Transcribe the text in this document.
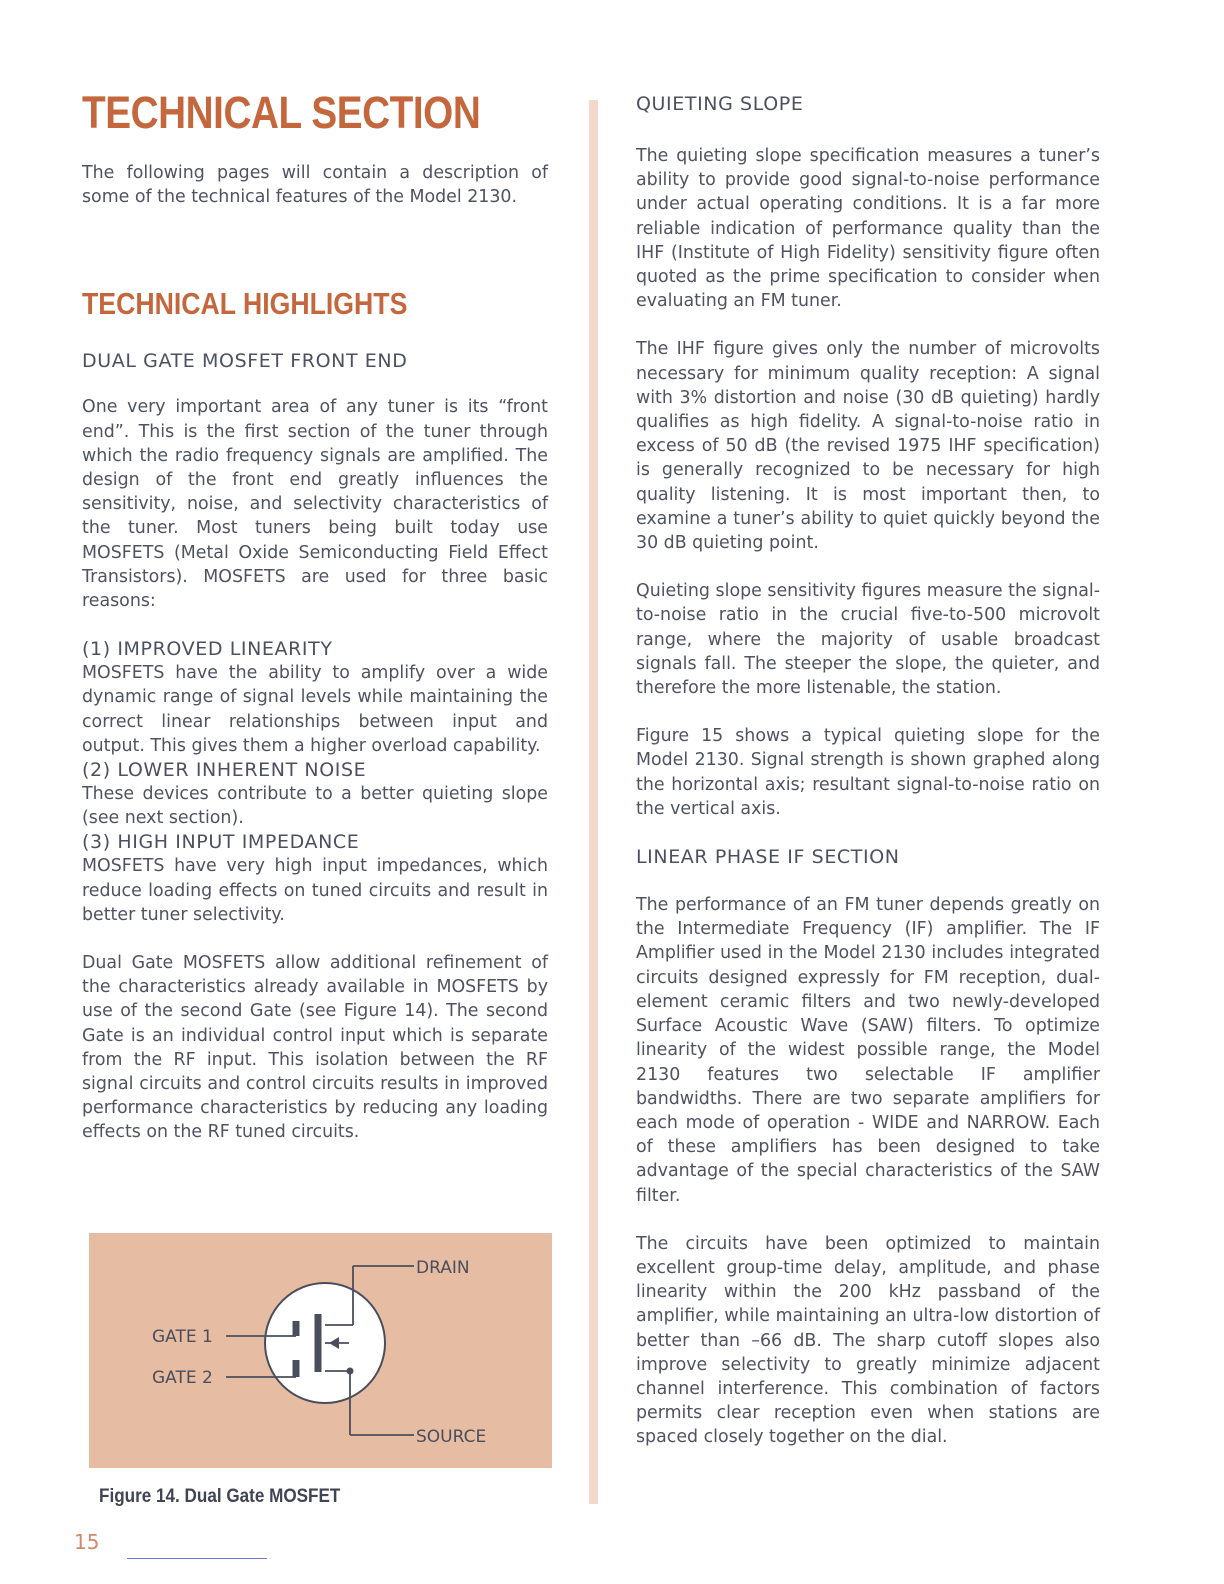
TECHNICAL SECTION

The following pages will contain a description of some of the technical features of the Model 2130.

TECHNICAL HIGHLIGHTS

DUAL GATE MOSFET FRONT END

One very important area of any tuner is its “front end”. This is the first section of the tuner through which the radio frequency signals are amplified. The design of the front end greatly influences the sensitivity, noise, and selectivity characteristics of the tuner. Most tuners being built today use MOSFETS (Metal Oxide Semiconducting Field Effect Transistors). MOSFETS are used for three basic reasons:

(1) IMPROVED LINEARITY

MOSFETS have the ability to amplify over a wide dynamic range of signal levels while maintaining the correct linear relationships between input and output. This gives them a higher overload capability.

(2) LOWER INHERENT NOISE

These devices contribute to a better quieting slope (see next section).

(3) HIGH INPUT IMPEDANCE

MOSFETS have very high input impedances, which reduce loading effects on tuned circuits and result in better tuner selectivity.

Dual Gate MOSFETS allow additional refinement of the characteristics already available in MOSFETS by use of the second Gate (see Figure 14). The second Gate is an individual control input which is separate from the RF input. This isolation between the RF signal circuits and control circuits results in improved performance characteristics by reducing any loading effects on the RF tuned circuits.

DRAIN
GATE 1
GATE 2
SOURCE
Figure 14. Dual Gate MOSFET

QUIETING SLOPE

The quieting slope specification measures a tuner’s ability to provide good signal-to-noise performance under actual operating conditions. It is a far more reliable indication of performance quality than the IHF (Institute of High Fidelity) sensitivity figure often quoted as the prime specification to consider when evaluating an FM tuner.

The IHF figure gives only the number of microvolts necessary for minimum quality reception: A signal with 3% distortion and noise (30 dB quieting) hardly qualifies as high fidelity. A signal-to-noise ratio in excess of 50 dB (the revised 1975 IHF specification) is generally recognized to be necessary for high quality listening. It is most important then, to examine a tuner’s ability to quiet quickly beyond the 30 dB quieting point.

Quieting slope sensitivity figures measure the signal-to-noise ratio in the crucial five-to-500 microvolt range, where the majority of usable broadcast signals fall. The steeper the slope, the quieter, and therefore the more listenable, the station.

Figure 15 shows a typical quieting slope for the Model 2130. Signal strength is shown graphed along the horizontal axis; resultant signal-to-noise ratio on the vertical axis.

LINEAR PHASE IF SECTION

The performance of an FM tuner depends greatly on the Intermediate Frequency (IF) amplifier. The IF Amplifier used in the Model 2130 includes integrated circuits designed expressly for FM reception, dual-element ceramic filters and two newly-developed Surface Acoustic Wave (SAW) filters. To optimize linearity of the widest possible range, the Model 2130 features two selectable IF amplifier bandwidths. There are two separate amplifiers for each mode of operation - WIDE and NARROW. Each of these amplifiers has been designed to take advantage of the special characteristics of the SAW filter.

The circuits have been optimized to maintain excellent group-time delay, amplitude, and phase linearity within the 200 kHz passband of the amplifier, while maintaining an ultra-low distortion of better than –66 dB. The sharp cutoff slopes also improve selectivity to greatly minimize adjacent channel interference. This combination of factors permits clear reception even when stations are spaced closely together on the dial.

15
